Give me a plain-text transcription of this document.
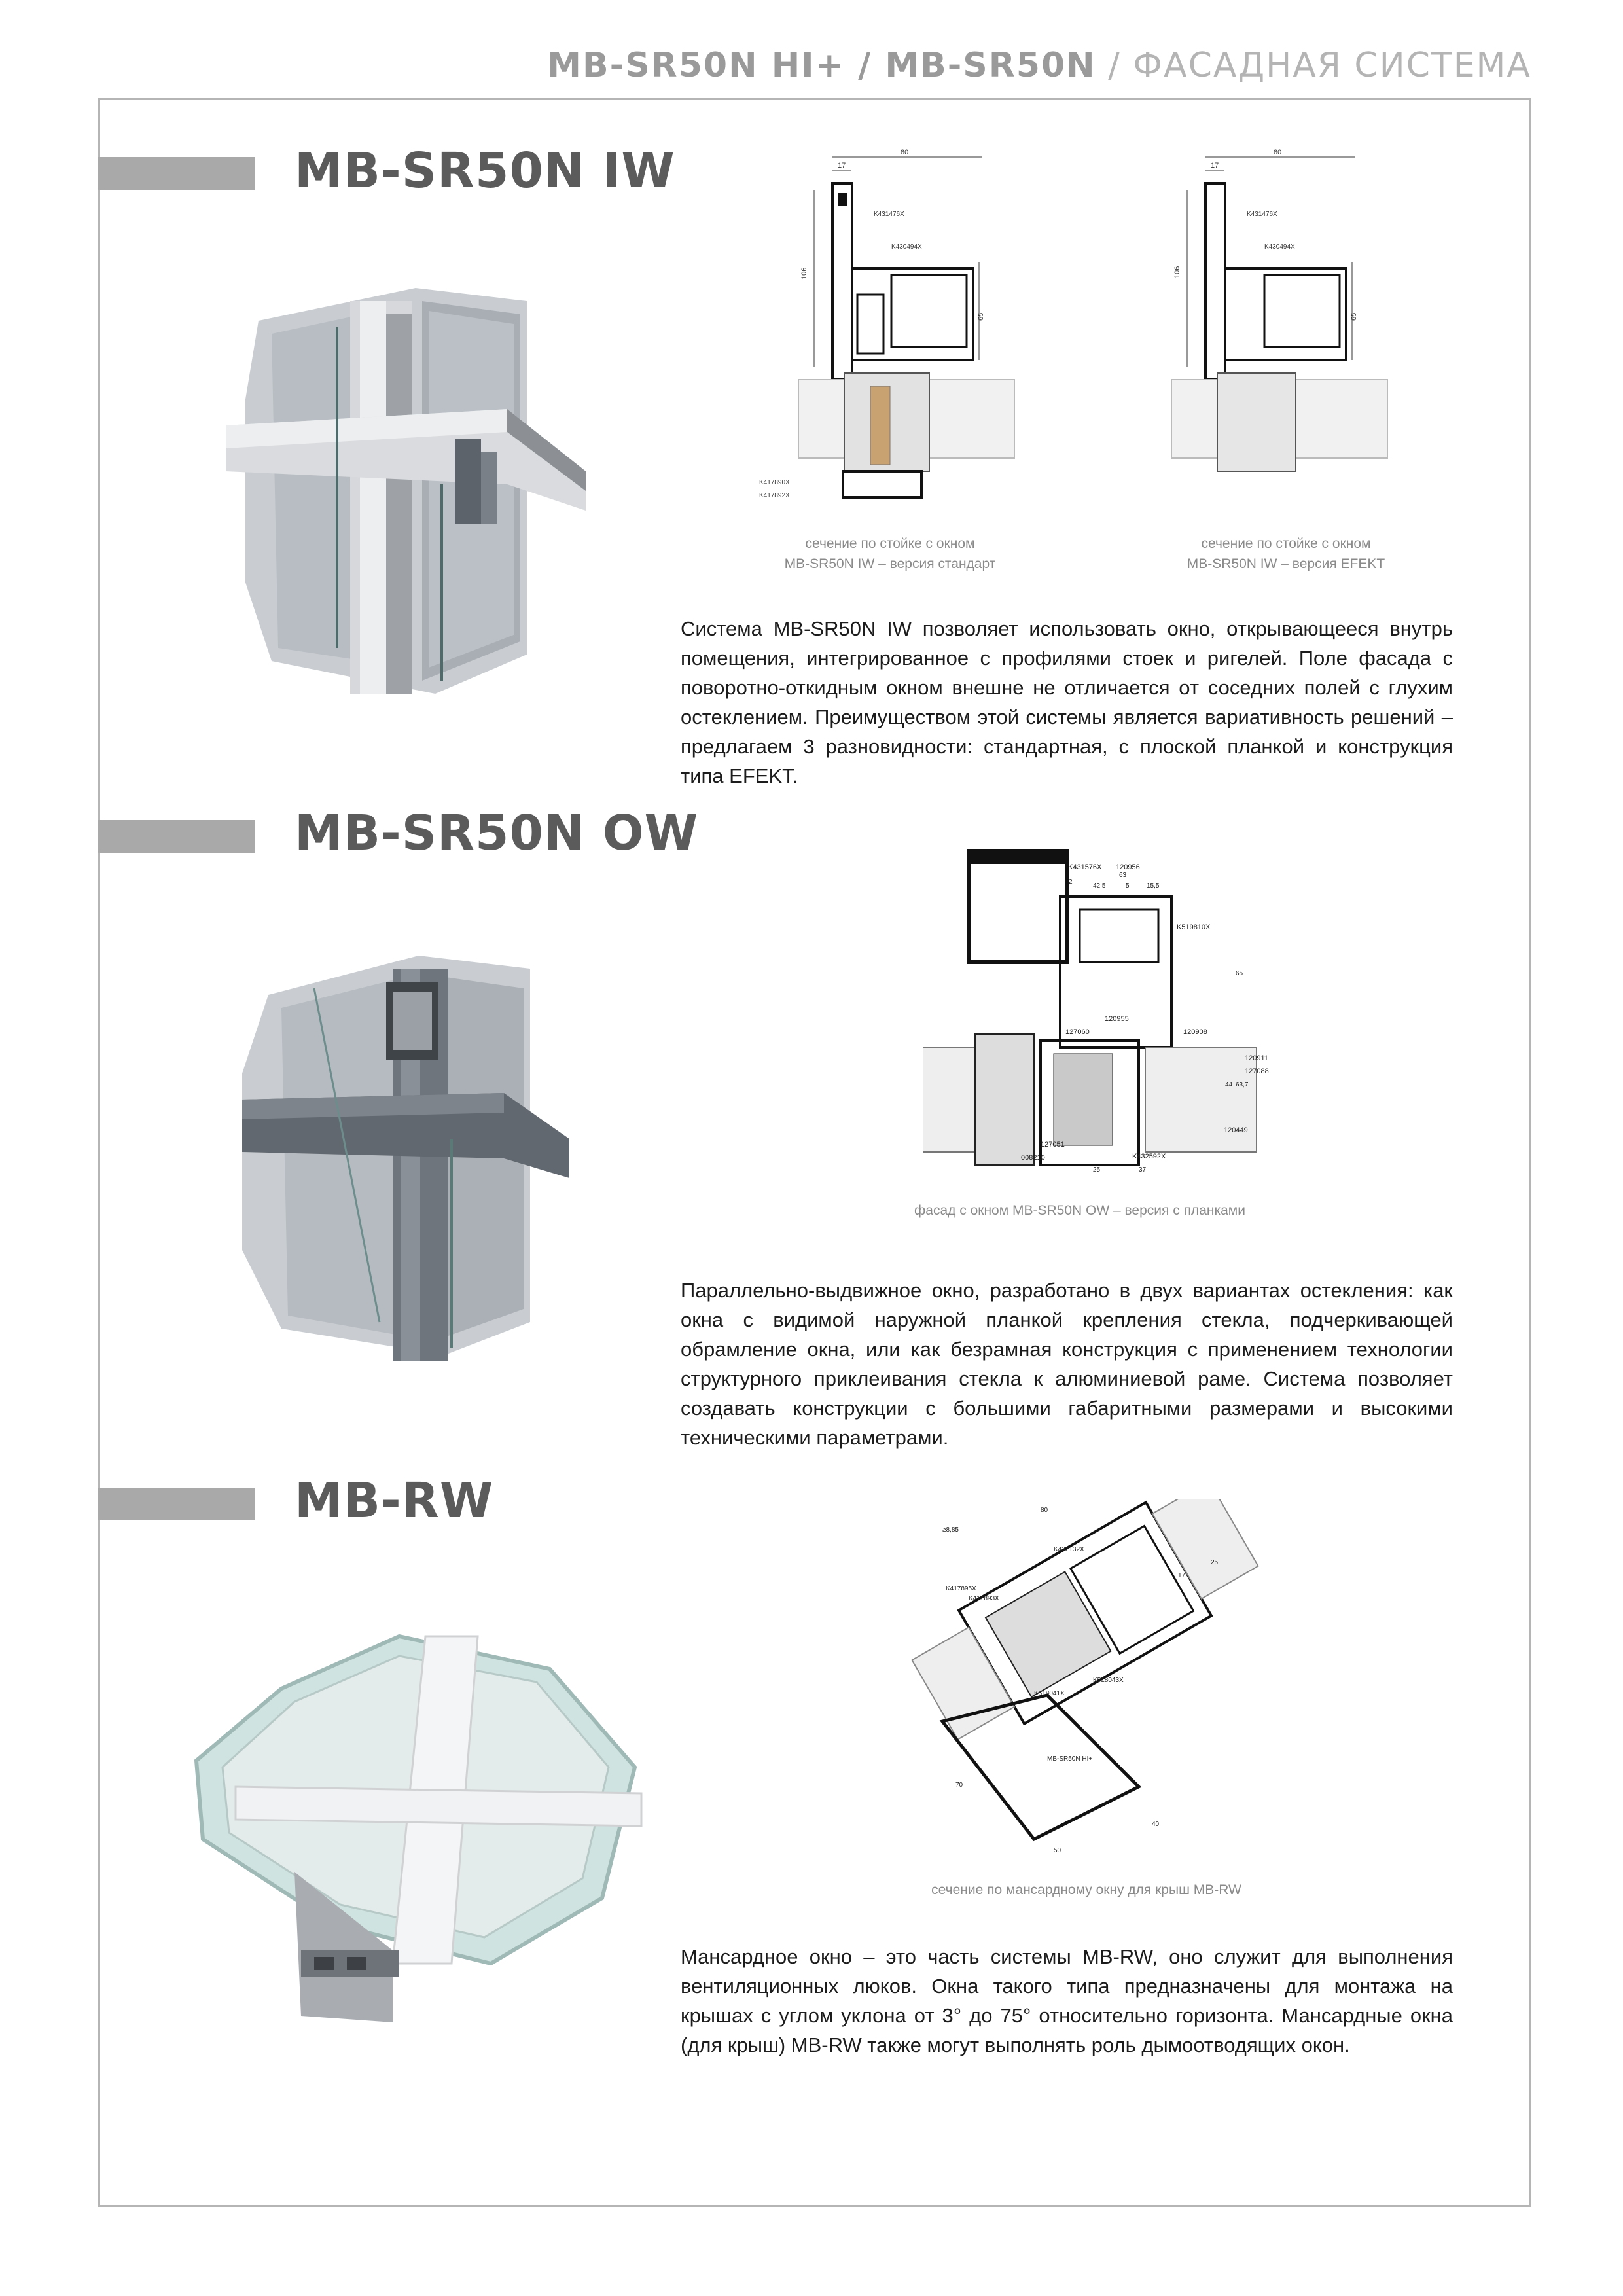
MB-SR50N HI+ / MB-SR50N / ФАСАДНАЯ СИСТЕМА
MB-SR50N IW	80
17
106
65
K431476X
K430494X
K417890X
K417892X
сечение по стойке с окном
MB-SR50N IW – версия стандарт
80
17
106
65
K431476X
K430494X
сечение по стойке с окном
MB-SR50N IW – версия EFEKT

Система MB-SR50N IW позволяет использовать окно, открывающееся внутрь помещения, интегрированное с профилями стоек и ригелей. Поле фасада с поворотно-откидным окном внешне не отличается от соседних полей с глухим остеклением. Преимуществом этой системы является вариативность решений – предлагаем 3 разновидности: стандартная, с плоской планкой и конструкция типа EFEKT.

MB-SR50N OW
K431576X 120956
K519810X
120955
127060	120908
120911
127088
120449
127051
K432592X
008210
2
63
42,5	5	15,5
65
44 63,7
25	37
фасад с окном MB-SR50N OW – версия с планками

Параллельно-выдвижное окно, разработано в двух вариантах остекления: как окна с видимой наружной планкой крепления стекла, подчеркивающей обрамление окна, или как безрамная конструкция с применением технологии структурного приклеивания стекла к алюминиевой раме. Система позволяет создавать конструкции с большими габаритными размерами и высокими техническими параметрами.

MB-RW
K432132X
K417895X
K417893X
K518041X
K518043X
MB-SR50N HI+
≥8,85
80
17
25
70
50
40
сечение по мансардному окну для крыш MB-RW

Мансардное окно – это часть системы MB-RW, оно служит для выполнения вентиляционных люков. Окна такого типа предназначены для монтажа на крышах с углом уклона от 3° до 75° относительно горизонта. Мансардные окна (для крыш) MB-RW также могут выполнять роль дымоотводящих окон.
